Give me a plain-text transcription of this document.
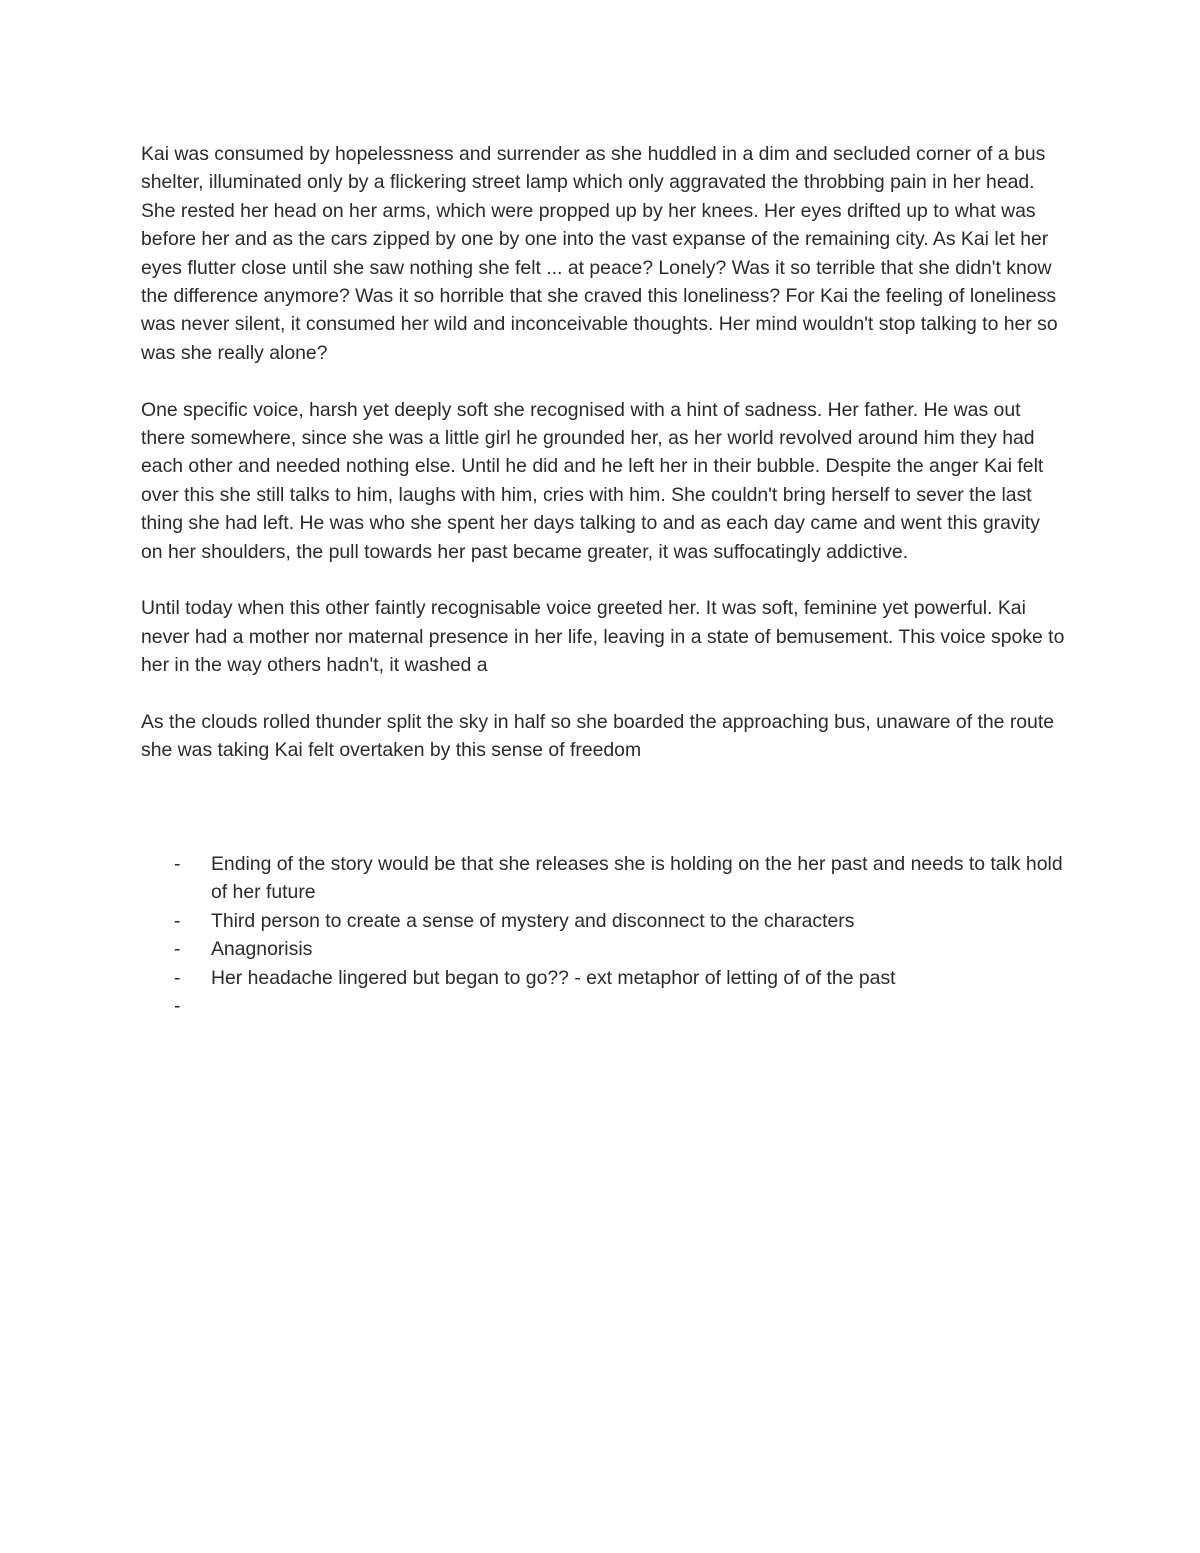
Kai was consumed by hopelessness and surrender as she huddled in a dim and secluded corner of a bus shelter, illuminated only by a flickering street lamp which only aggravated the throbbing pain in her head. She rested her head on her arms, which were propped up by her knees. Her eyes drifted up to what was before her and as the cars zipped by one by one into the vast expanse of the remaining city. As Kai let her eyes flutter close until she saw nothing she felt ... at peace? Lonely? Was it so terrible that she didn't know the difference anymore? Was it so horrible that she craved this loneliness? For Kai the feeling of loneliness was never silent, it consumed her wild and inconceivable thoughts. Her mind wouldn't stop talking to her so was she really alone?

One specific voice, harsh yet deeply soft she recognised with a hint of sadness. Her father. He was out there somewhere, since she was a little girl he grounded her, as her world revolved around him they had each other and needed nothing else. Until he did and he left her in their bubble. Despite the anger Kai felt over this she still talks to him, laughs with him, cries with him. She couldn't bring herself to sever the last thing she had left. He was who she spent her days talking to and as each day came and went this gravity on her shoulders, the pull towards her past became greater, it was suffocatingly addictive.

Until today when this other faintly recognisable voice greeted her. It was soft, feminine yet powerful. Kai never had a mother nor maternal presence in her life, leaving in a state of bemusement. This voice spoke to her in the way others hadn't, it washed a

As the clouds rolled thunder split the sky in half so she boarded the approaching bus, unaware of the route she was taking Kai felt overtaken by this sense of freedom

- Ending of the story would be that she releases she is holding on the her past and needs to talk hold of her future
- Third person to create a sense of mystery and disconnect to the characters
- Anagnorisis
- Her headache lingered but began to go?? - ext metaphor of letting of of the past
-
